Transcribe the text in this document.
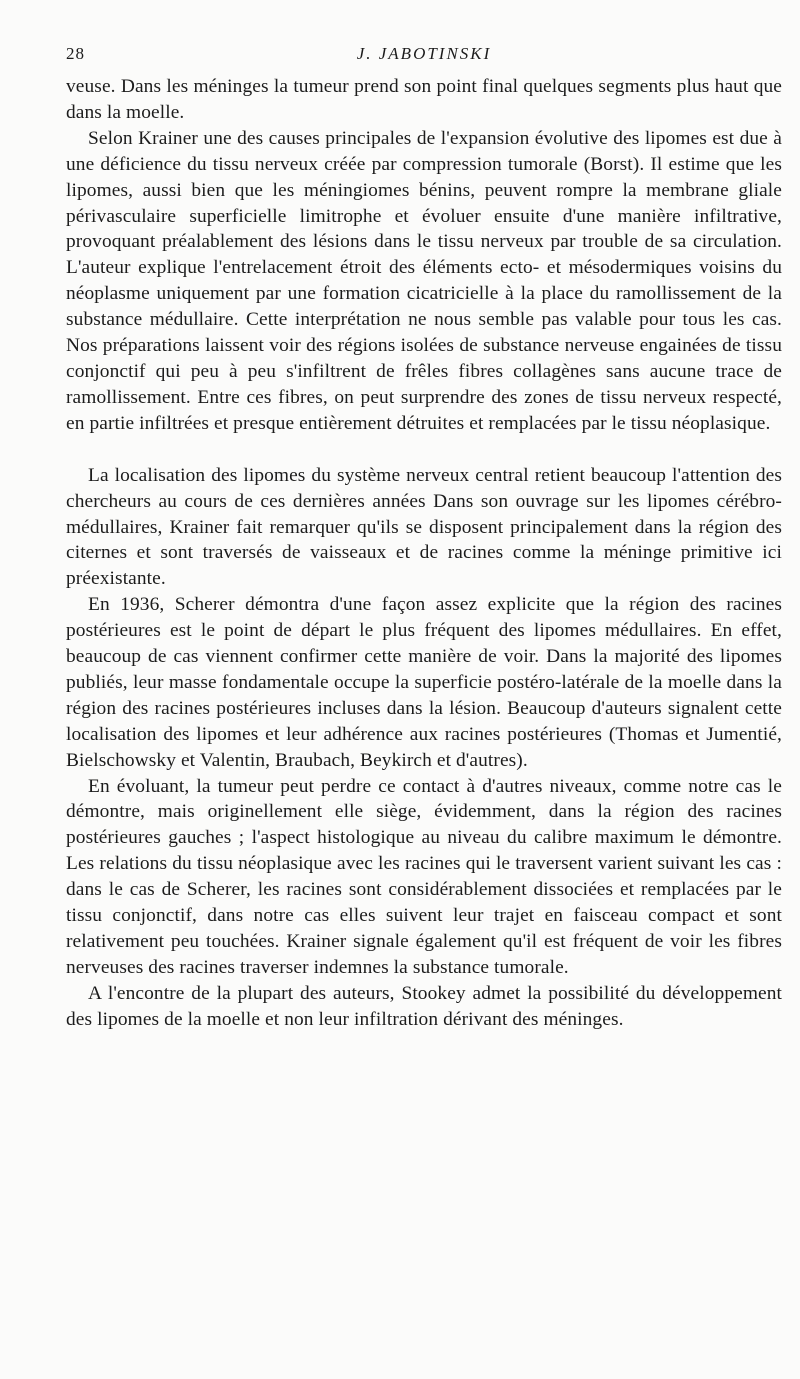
28	J. JABOTINSKI

veuse. Dans les méninges la tumeur prend son point final quelques segments plus haut que dans la moelle.

Selon Krainer une des causes principales de l'expansion évolutive des lipomes est due à une déficience du tissu nerveux créée par compression tumorale (Borst). Il estime que les lipomes, aussi bien que les méningiomes bénins, peuvent rompre la membrane gliale périvasculaire superficielle limitrophe et évoluer ensuite d'une manière infiltrative, provoquant préalablement des lésions dans le tissu nerveux par trouble de sa circulation. L'auteur explique l'entrelacement étroit des éléments ecto- et mésodermiques voisins du néoplasme uniquement par une formation cicatricielle à la place du ramollissement de la substance médullaire. Cette interprétation ne nous semble pas valable pour tous les cas. Nos préparations laissent voir des régions isolées de substance nerveuse engainées de tissu conjonctif qui peu à peu s'infiltrent de frêles fibres collagènes sans aucune trace de ramollissement. Entre ces fibres, on peut surprendre des zones de tissu nerveux respecté, en partie infiltrées et presque entièrement détruites et remplacées par le tissu néoplasique.

La localisation des lipomes du système nerveux central retient beaucoup l'attention des chercheurs au cours de ces dernières années Dans son ouvrage sur les lipomes cérébro-médullaires, Krainer fait remarquer qu'ils se disposent principalement dans la région des citernes et sont traversés de vaisseaux et de racines comme la méninge primitive ici préexistante.

En 1936, Scherer démontra d'une façon assez explicite que la région des racines postérieures est le point de départ le plus fréquent des lipomes médullaires. En effet, beaucoup de cas viennent confirmer cette manière de voir. Dans la majorité des lipomes publiés, leur masse fondamentale occupe la superficie postéro-latérale de la moelle dans la région des racines postérieures incluses dans la lésion. Beaucoup d'auteurs signalent cette localisation des lipomes et leur adhérence aux racines postérieures (Thomas et Jumentié, Bielschowsky et Valentin, Braubach, Beykirch et d'autres).

En évoluant, la tumeur peut perdre ce contact à d'autres niveaux, comme notre cas le démontre, mais originellement elle siège, évidemment, dans la région des racines postérieures gauches ; l'aspect histologique au niveau du calibre maximum le démontre. Les relations du tissu néoplasique avec les racines qui le traversent varient suivant les cas : dans le cas de Scherer, les racines sont considérablement dissociées et remplacées par le tissu conjonctif, dans notre cas elles suivent leur trajet en faisceau compact et sont relativement peu touchées. Krainer signale également qu'il est fréquent de voir les fibres nerveuses des racines traverser indemnes la substance tumorale.

A l'encontre de la plupart des auteurs, Stookey admet la possibilité du développement des lipomes de la moelle et non leur infiltration dérivant des méninges.
